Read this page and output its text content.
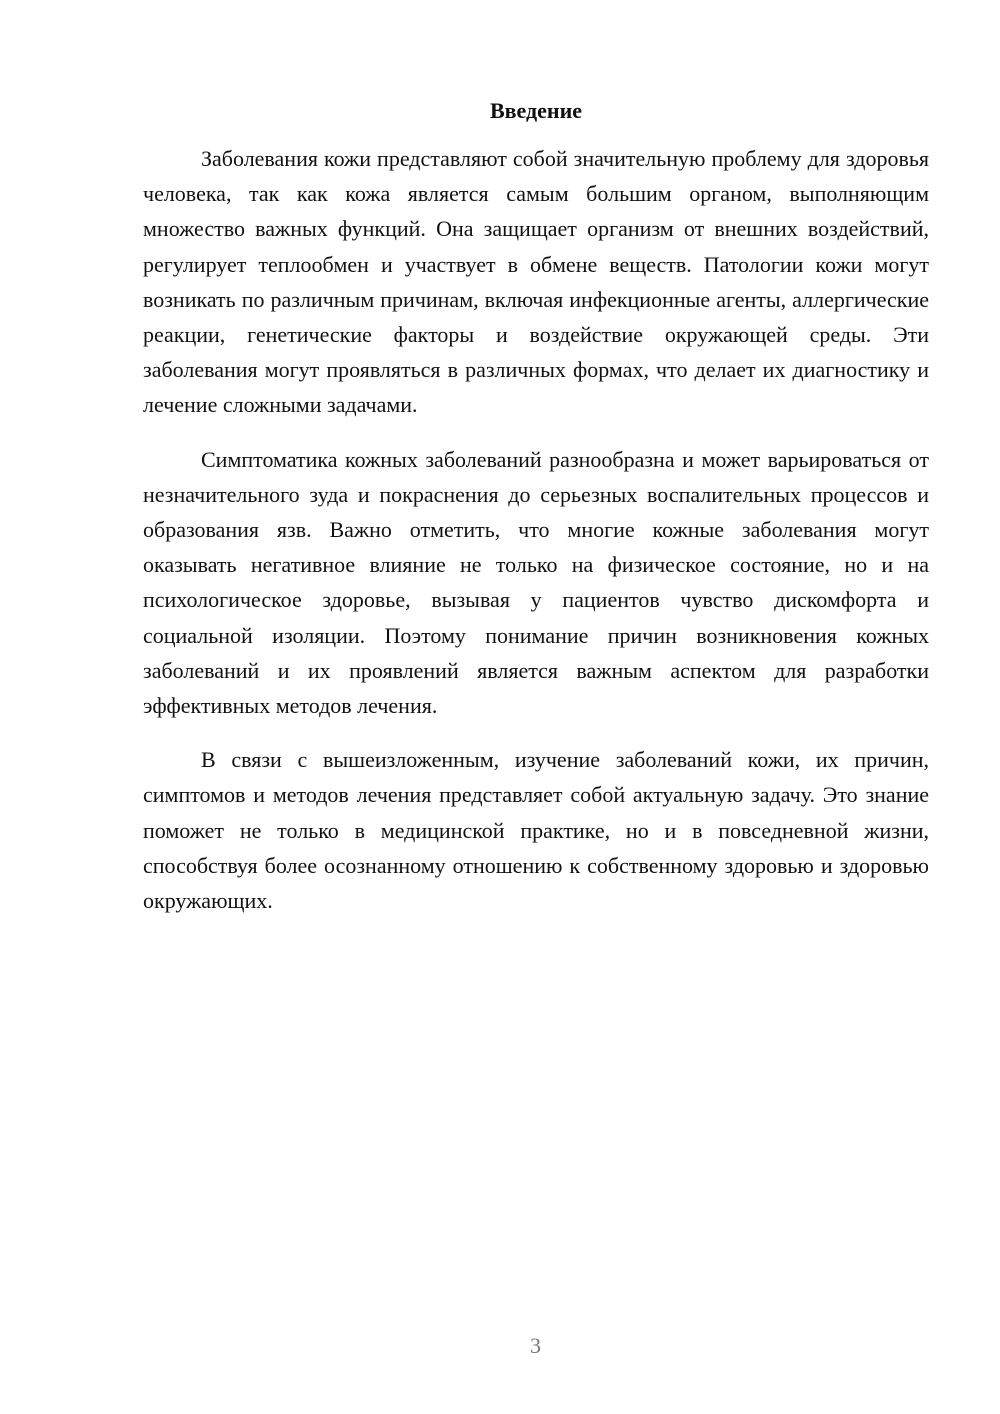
Введение

Заболевания кожи представляют собой значительную проблему для здоровья человека, так как кожа является самым большим органом, выполняющим множество важных функций. Она защищает организм от внешних воздействий, регулирует теплообмен и участвует в обмене веществ. Патологии кожи могут возникать по различным причинам, включая инфекционные агенты, аллергические реакции, генетические факторы и воздействие окружающей среды. Эти заболевания могут проявляться в различных формах, что делает их диагностику и лечение сложными задачами.

Симптоматика кожных заболеваний разнообразна и может варьироваться от незначительного зуда и покраснения до серьезных воспалительных процессов и образования язв. Важно отметить, что многие кожные заболевания могут оказывать негативное влияние не только на физическое состояние, но и на психологическое здоровье, вызывая у пациентов чувство дискомфорта и социальной изоляции. Поэтому понимание причин возникновения кожных заболеваний и их проявлений является важным аспектом для разработки эффективных методов лечения.

В связи с вышеизложенным, изучение заболеваний кожи, их причин, симптомов и методов лечения представляет собой актуальную задачу. Это знание поможет не только в медицинской практике, но и в повседневной жизни, способствуя более осознанному отношению к собственному здоровью и здоровью окружающих.

3
